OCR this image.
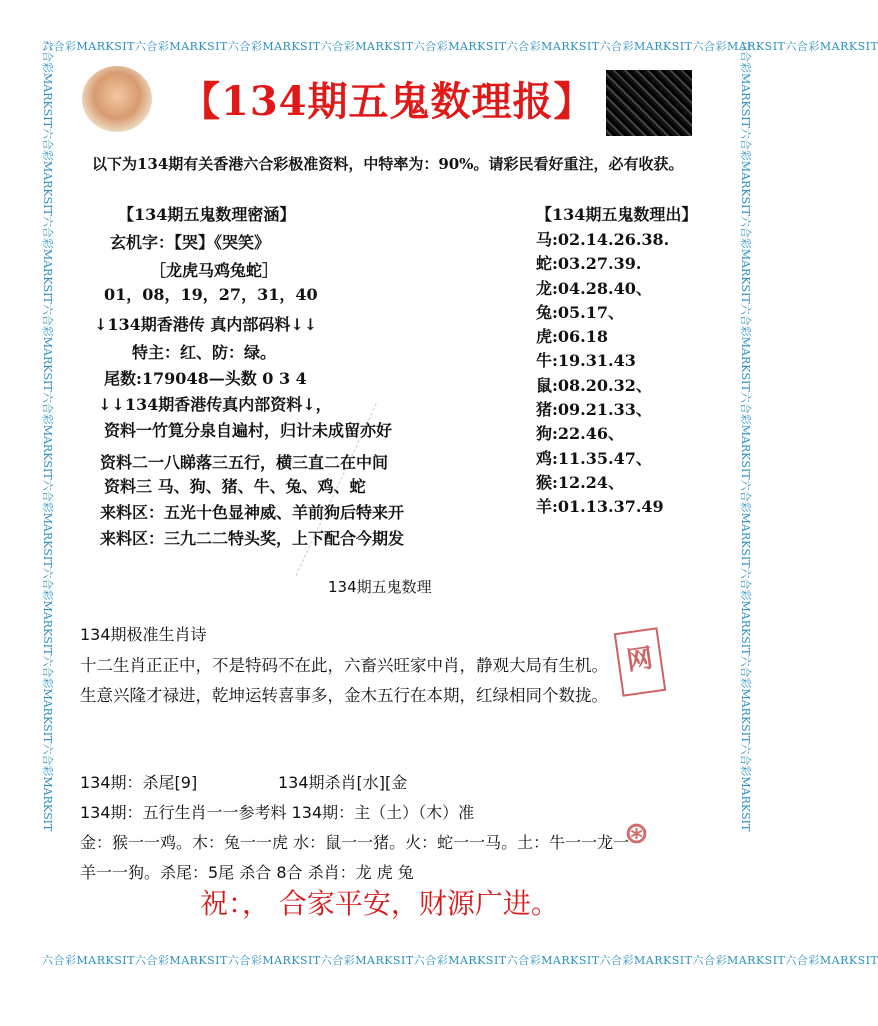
六合彩MARKSIT六合彩MARKSIT六合彩MARKSIT六合彩MARKSIT六合彩MARKSIT六合彩MARKSIT六合彩MARKSIT六合彩MARKSIT六合彩MARKSIT
六合彩MARKSIT六合彩MARKSIT六合彩MARKSIT六合彩MARKSIT六合彩MARKSIT六合彩MARKSIT六合彩MARKSIT六合彩MARKSIT六合彩MARKSIT
六合彩MARKSIT六合彩MARKSIT六合彩MARKSIT六合彩MARKSIT六合彩MARKSIT六合彩MARKSIT六合彩MARKSIT六合彩MARKSIT六合彩MARKSIT	六合彩MARKSIT六合彩MARKSIT六合彩MARKSIT六合彩MARKSIT六合彩MARKSIT六合彩MARKSIT六合彩MARKSIT六合彩MARKSIT六合彩MARKSIT
【134期五鬼数理报】
以下为134期有关香港六合彩极准资料，中特率为：90%。请彩民看好重注，必有收获。
【134期五鬼数理密涵】
玄机字：【哭】《哭笑》
［龙虎马鸡兔蛇］
01，08，19，27，31，40
↓134期香港传 真内部码料↓↓
特主：红、防：绿。
尾数:179048—头数 0 3 4
↓↓134期香港传真内部资料↓，
资料一竹筧分泉自遍村，归计未成留亦好
资料二一八睇落三五行，横三直二在中间
资料三 马、狗、猪、牛、兔、鸡、蛇
来料区：五光十色显神威、羊前狗后特来开
来料区：三九二二特头奖，上下配合今期发
【134期五鬼数理出】
马:02.14.26.38.
蛇:03.27.39.
龙:04.28.40、
兔:05.17、
虎:06.18
牛:19.31.43
鼠:08.20.32、
猪:09.21.33、
狗:22.46、
鸡:11.35.47、
猴:12.24、
羊:01.13.37.49
134期五鬼数理
134期极准生肖诗
十二生肖正正中，不是特码不在此，六畜兴旺家中肖，静观大局有生机。
生意兴隆才禄进，乾坤运转喜事多，金木五行在本期，红绿相同个数拢。
网
134期：杀尾[9]	134期杀肖[水][金
134期：五行生肖一一参考料 134期：主（土）（木）准
金：猴一一鸡。木：兔一一虎 水：鼠一一猪。火：蛇一一马。土：牛一一龙一
羊一一狗。杀尾：5尾 杀合 8合 杀肖：龙 虎 兔
⊛
祝：， 合家平安，财源广进。
